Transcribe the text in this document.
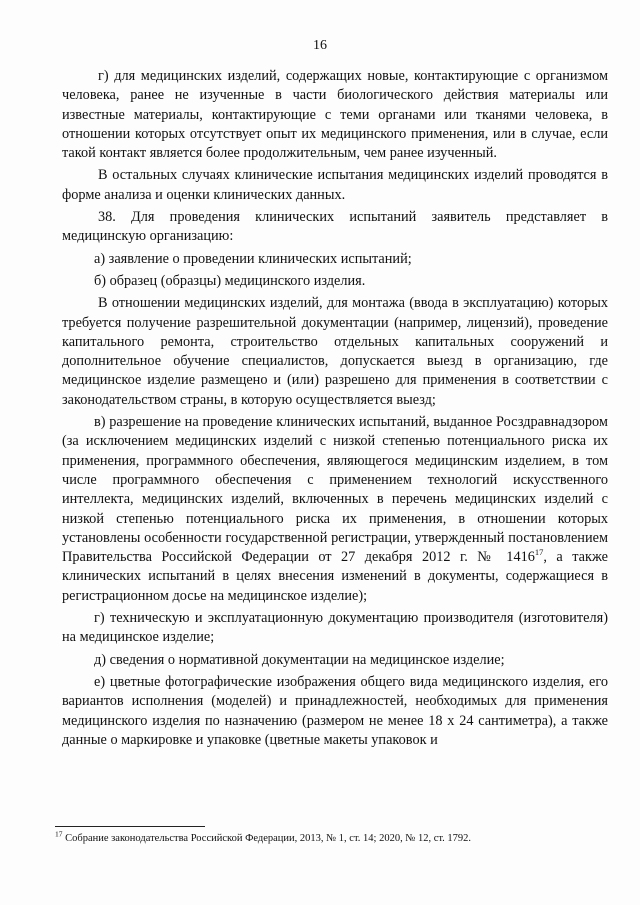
16

г) для медицинских изделий, содержащих новые, контактирующие с организмом человека, ранее не изученные в части биологического действия материалы или известные материалы, контактирующие с теми органами или тканями человека, в отношении которых отсутствует опыт их медицинского применения, или в случае, если такой контакт является более продолжительным, чем ранее изученный.

В остальных случаях клинические испытания медицинских изделий проводятся в форме анализа и оценки клинических данных.

38. Для проведения клинических испытаний заявитель представляет в медицинскую организацию:

а) заявление о проведении клинических испытаний;

б) образец (образцы) медицинского изделия.

В отношении медицинских изделий, для монтажа (ввода в эксплуатацию) которых требуется получение разрешительной документации (например, лицензий), проведение капитального ремонта, строительство отдельных капитальных сооружений и дополнительное обучение специалистов, допускается выезд в организацию, где медицинское изделие размещено и (или) разрешено для применения в соответствии с законодательством страны, в которую осуществляется выезд;

в) разрешение на проведение клинических испытаний, выданное Росздравнадзором (за исключением медицинских изделий с низкой степенью потенциального риска их применения, программного обеспечения, являющегося медицинским изделием, в том числе программного обеспечения с применением технологий искусственного интеллекта, медицинских изделий, включенных в перечень медицинских изделий с низкой степенью потенциального риска их применения, в отношении которых установлены особенности государственной регистрации, утвержденный постановлением Правительства Российской Федерации от 27 декабря 2012 г. № 1416$^{17}$, а также клинических испытаний в целях внесения изменений в документы, содержащиеся в регистрационном досье на медицинское изделие);

г) техническую и эксплуатационную документацию производителя (изготовителя) на медицинское изделие;

д) сведения о нормативной документации на медицинское изделие;

е) цветные фотографические изображения общего вида медицинского изделия, его вариантов исполнения (моделей) и принадлежностей, необходимых для применения медицинского изделия по назначению (размером не менее 18 x 24 сантиметра), а также данные о маркировке и упаковке (цветные макеты упаковок и

$^{17}$ Собрание законодательства Российской Федерации, 2013, № 1, ст. 14; 2020, № 12, ст. 1792.
